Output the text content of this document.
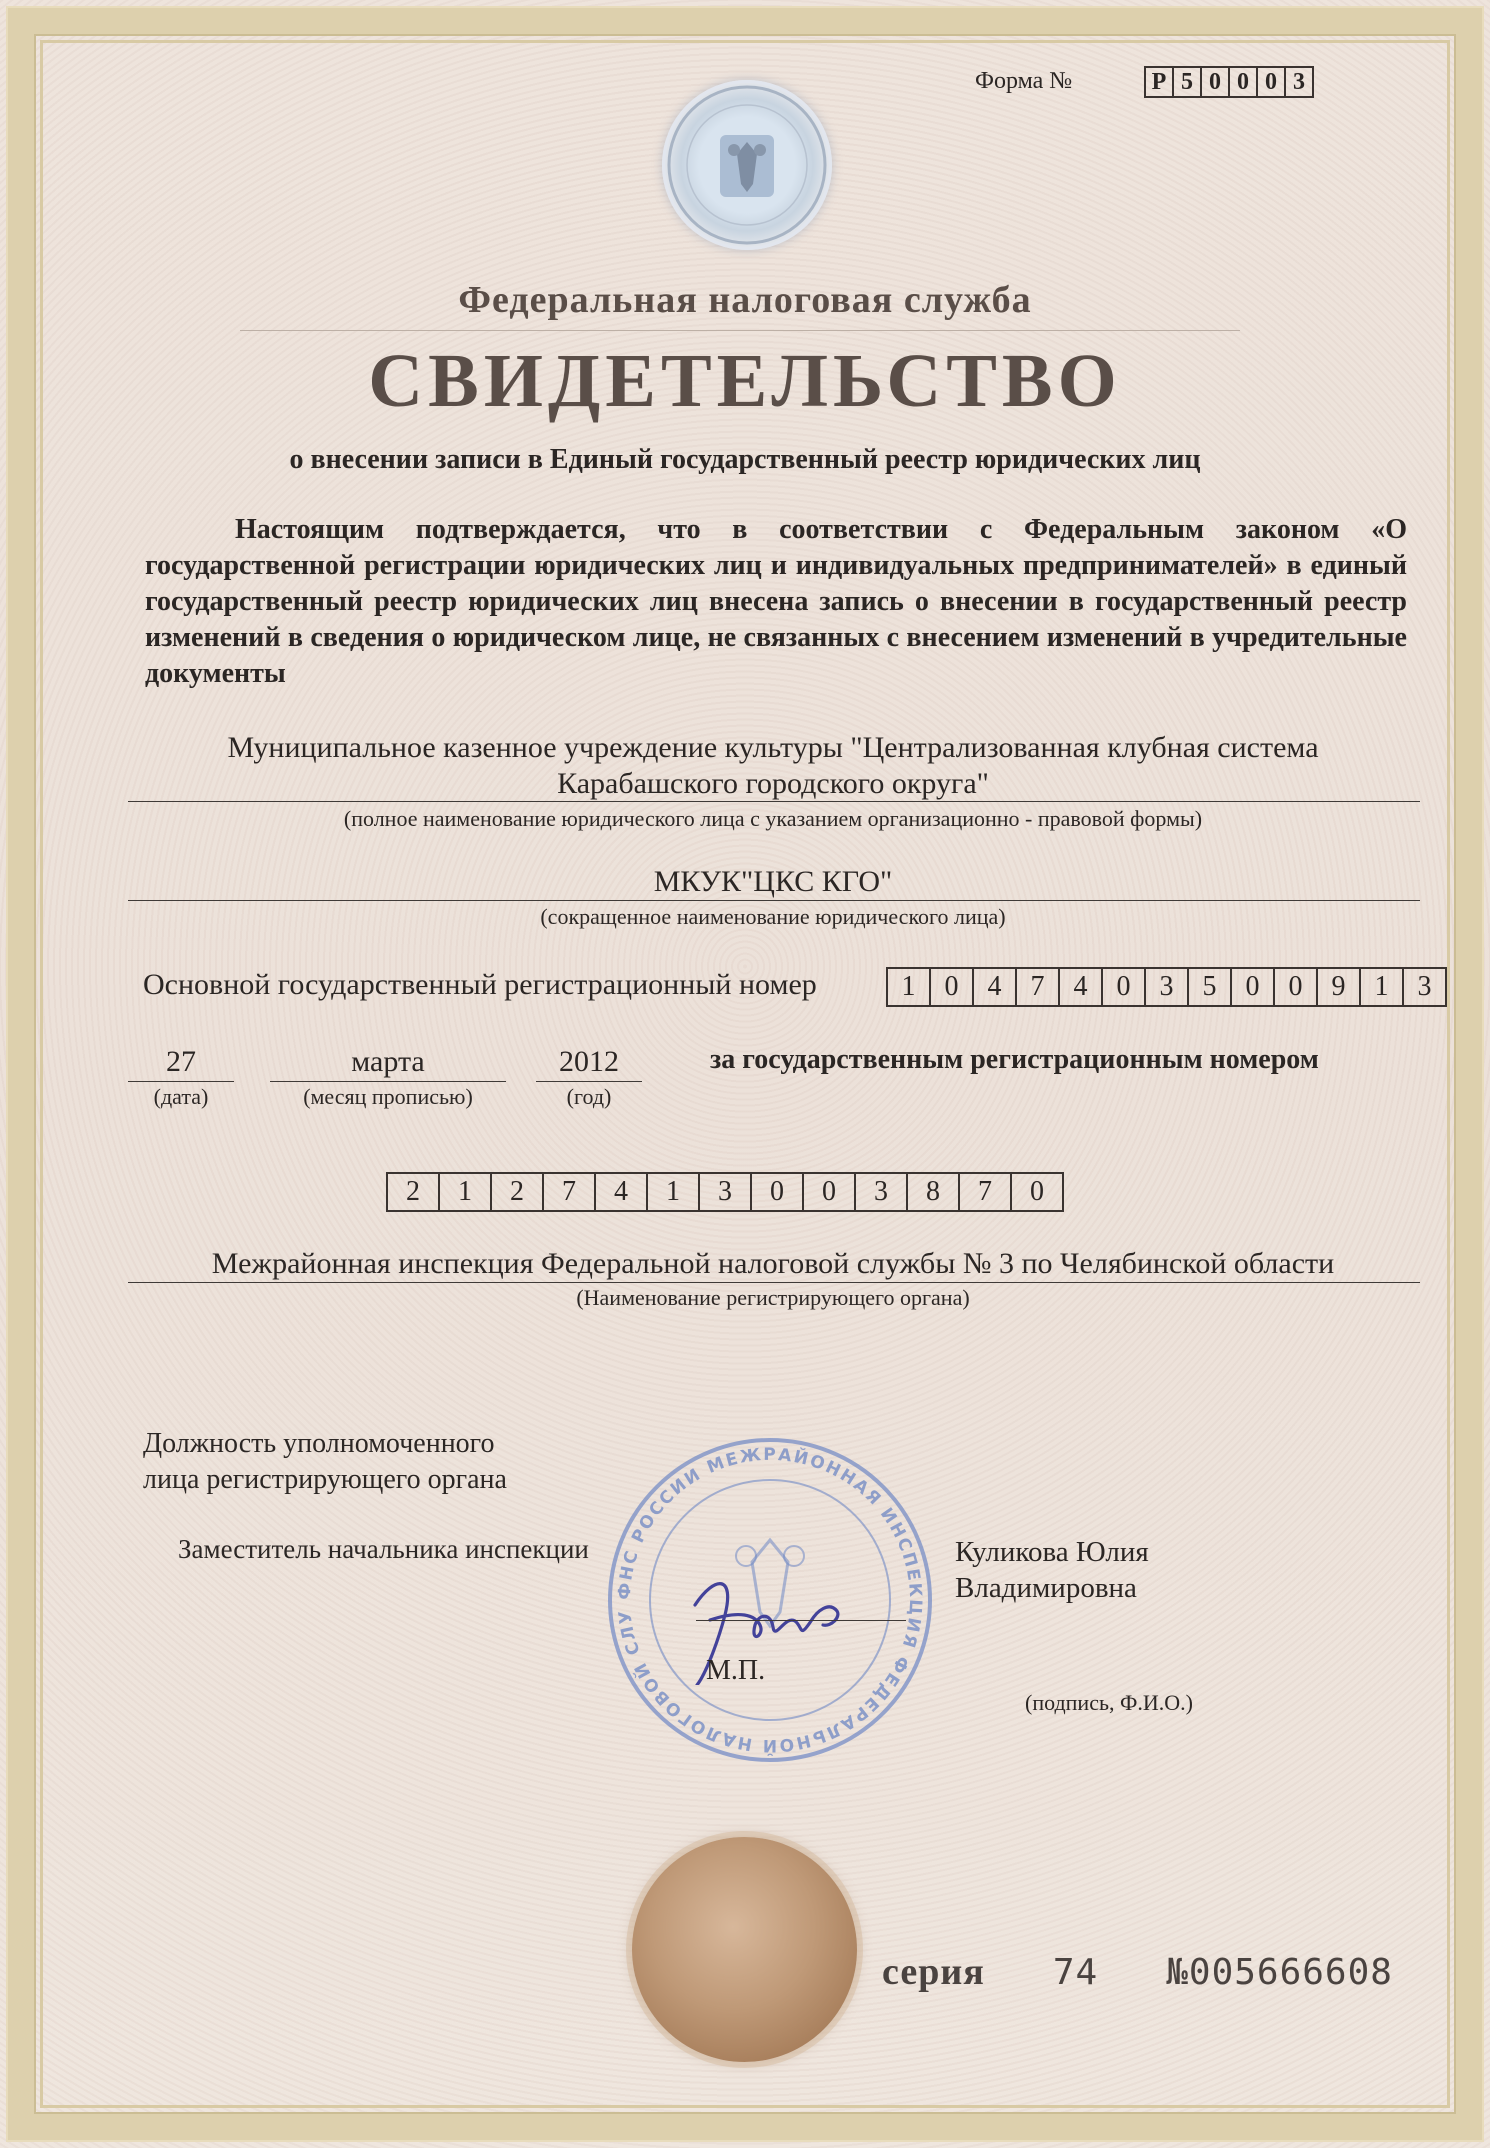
Форма №	Р 5 0 0 0 3
Федеральная налоговая служба
СВИДЕТЕЛЬСТВО
о внесении записи в Единый государственный реестр юридических лиц
Настоящим подтверждается, что в соответствии с Федеральным законом «О государственной регистрации юридических лиц и индивидуальных предпринимателей» в единый государственный реестр юридических лиц внесена запись о внесении в государственный реестр изменений в сведения о юридическом лице, не связанных с внесением изменений в учредительные документы
Муниципальное казенное учреждение культуры "Централизованная клубная система
Карабашского городского округа"
(полное наименование юридического лица с указанием организационно - правовой формы)
МКУК"ЦКС КГО"
(сокращенное наименование юридического лица)
Основной государственный регистрационный номер	1	0	4	7	4	0	3	5	0	0	9	1	3
27
(дата)
марта
(месяц прописью)
2012
(год)
за государственным регистрационным номером
2	1	2	7	4	1	3	0	0	3	8	7	0
Межрайонная инспекция Федеральной налоговой службы № 3 по Челябинской области
(Наименование регистрирующего органа)
Должность уполномоченного
лица регистрирующего органа
Заместитель начальника инспекции
ФНС РОССИИ МЕЖРАЙОННАЯ ИНСПЕКЦИЯ ФЕДЕРАЛЬНОЙ НАЛОГОВОЙ СЛУ
М.П.
Куликова Юлия
Владимировна
(подпись, Ф.И.О.)
серия 74 №005666608
